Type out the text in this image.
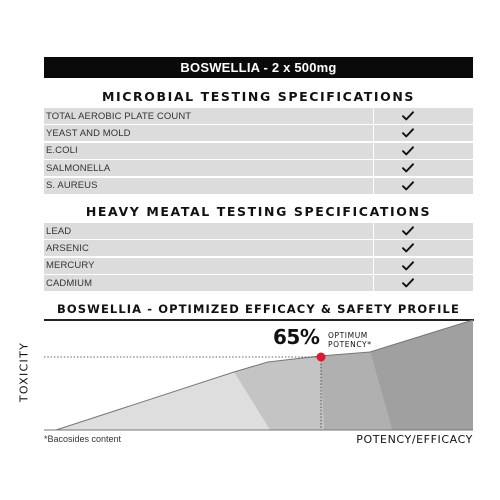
BOSWELLIA - 2 x 500mg
MICROBIAL TESTING SPECIFICATIONS
TOTAL AEROBIC PLATE COUNT
YEAST AND MOLD
E.COLI
SALMONELLA
S. AUREUS
HEAVY MEATAL TESTING SPECIFICATIONS
LEAD
ARSENIC
MERCURY
CADMIUM
BOSWELLIA - OPTIMIZED EFFICACY & SAFETY PROFILE
65% OPTIMUM
POTENCY*
TOXICITY
POTENCY/EFFICACY
*Bacosides content
